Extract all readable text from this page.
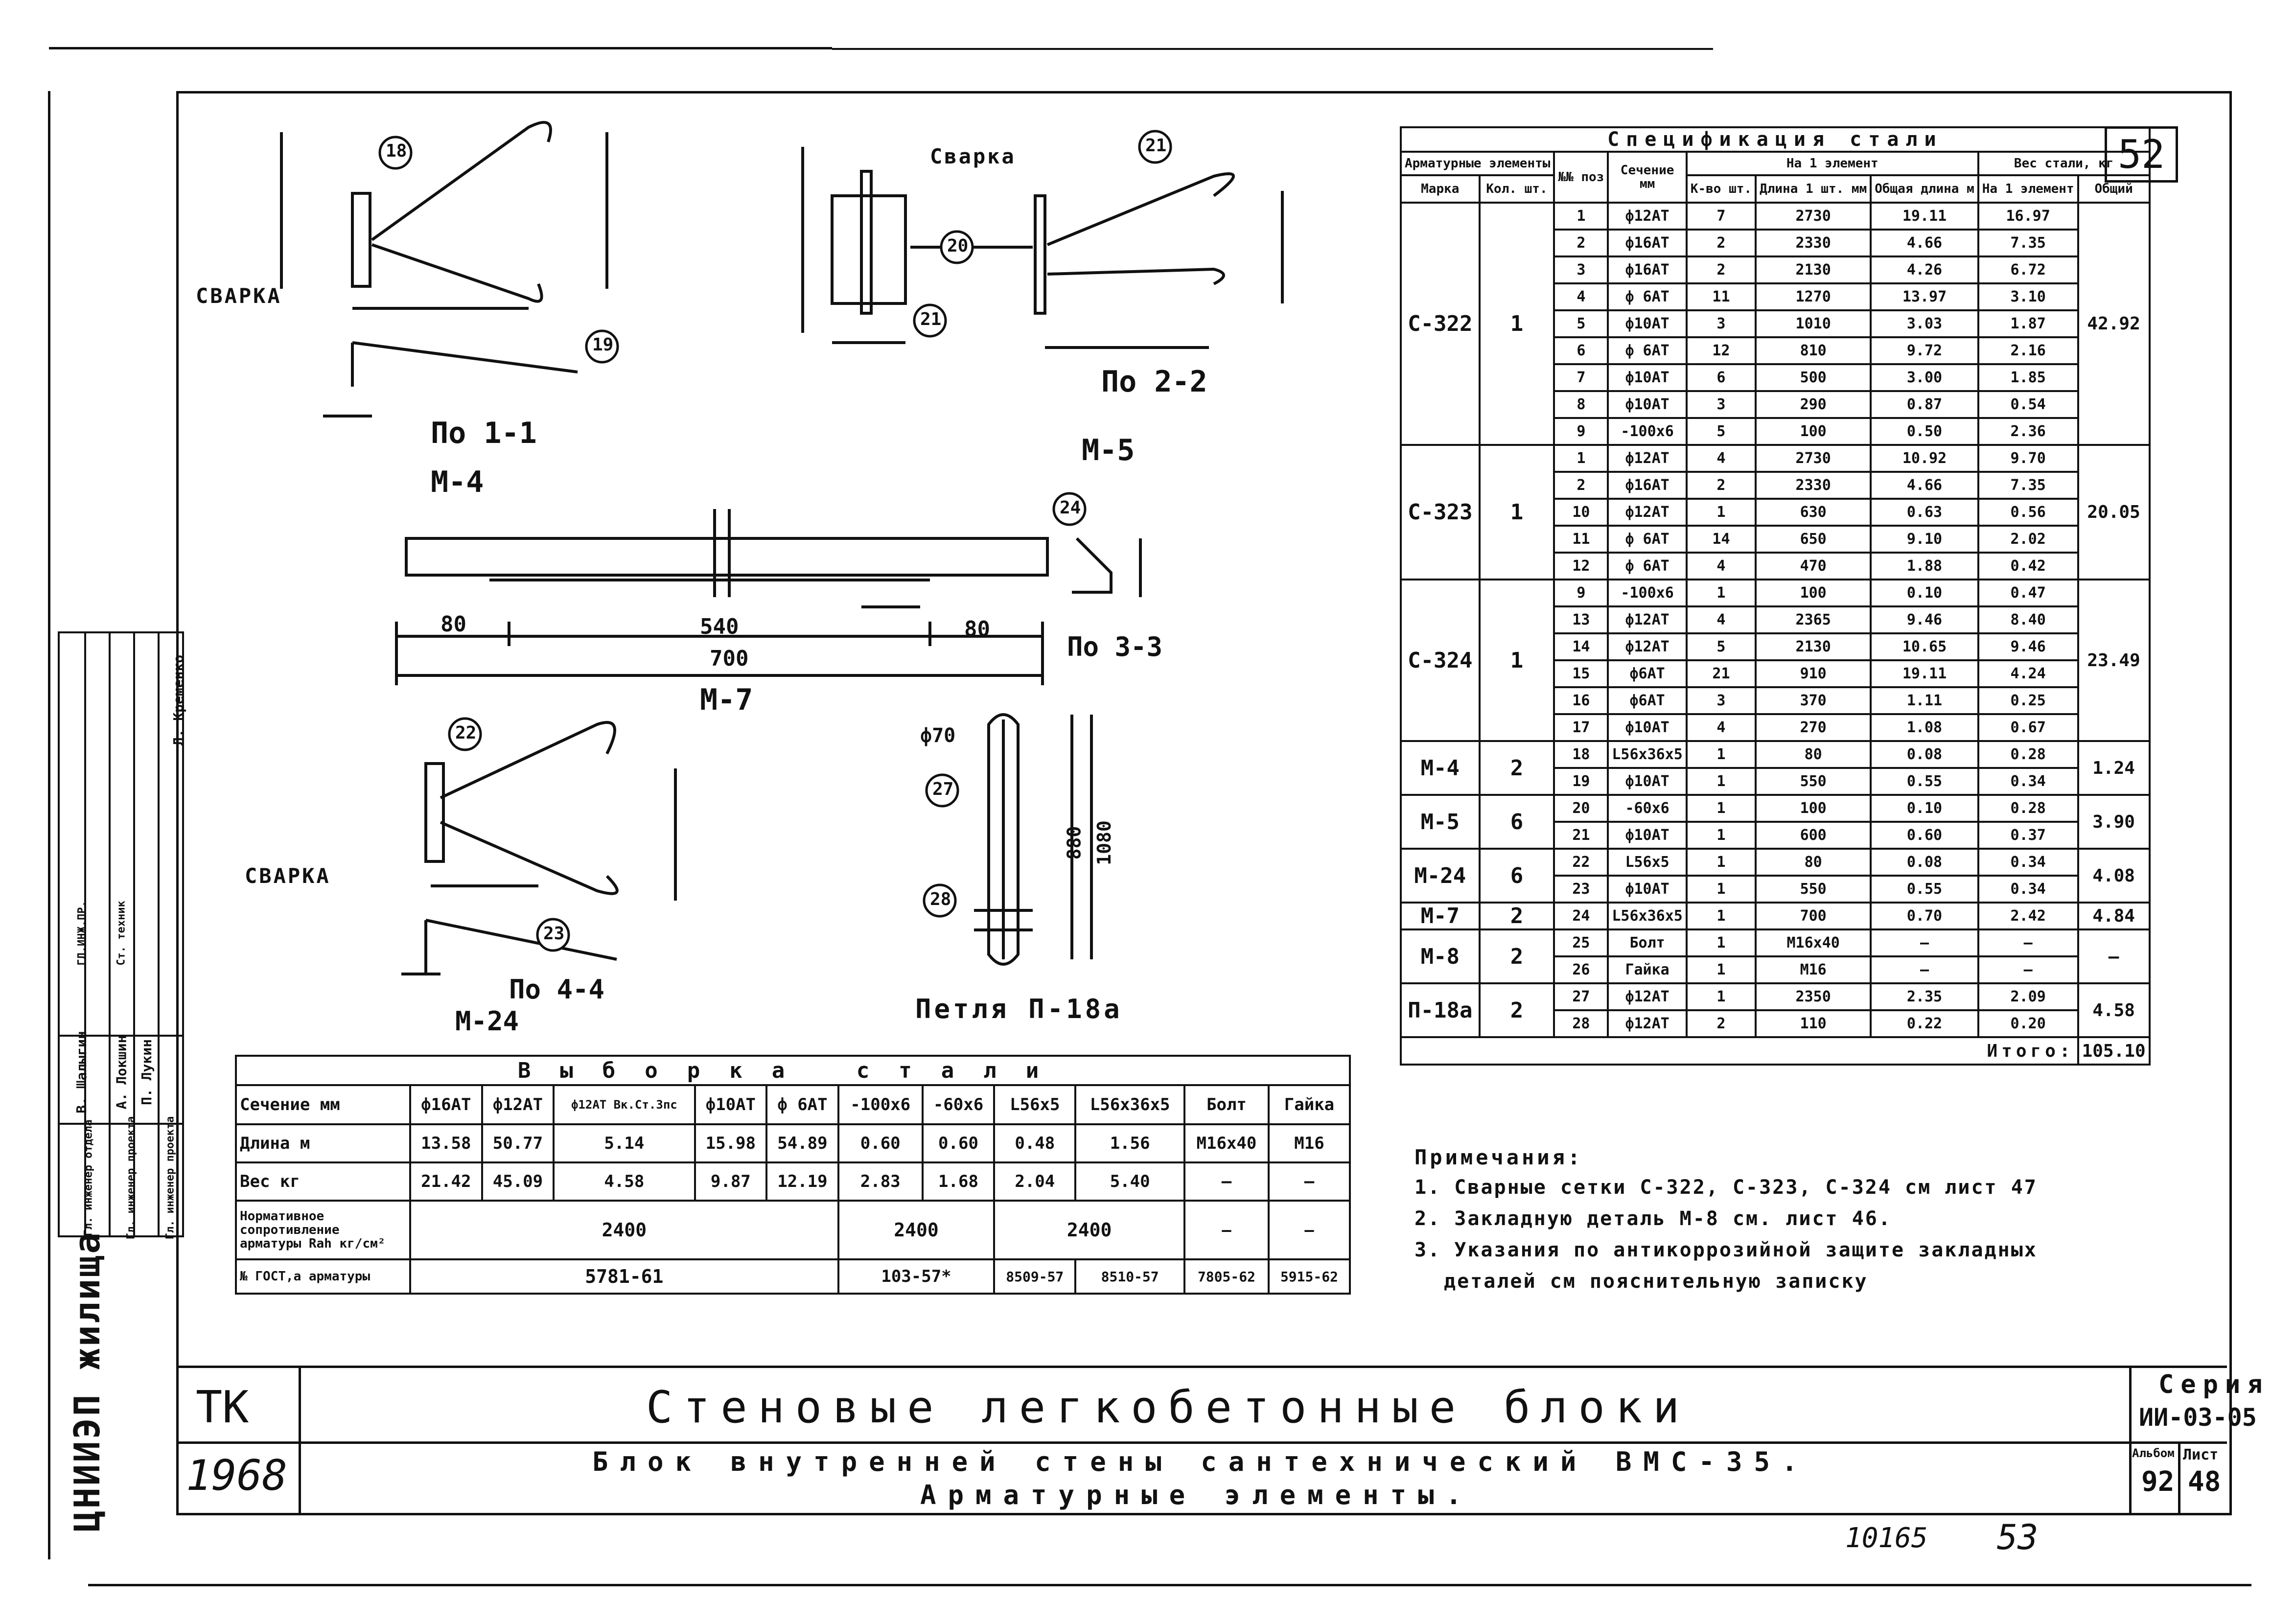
52
18
19
20
21
21
24
22
23
27
28
СВАРКА
По 1-1
М-4
Сварка
По 2-2
М-5
По 3-3
М-7
80	540	80
700
СВАРКА
По 4-4
М-24
ф70
Петля П-18а
880 1080
Спецификация стали								
Арматурные элементы		№№ поз	Сечение мм	На 1 элемент			Вес стали, кг	
Марка	Кол. шт.			К-во шт.	Длина 1 шт. мм	Общая длина м	На 1 элемент	Общий
С-322	1	1	ф12АТ	7	2730	19.11	16.97	42.92
		2	ф16АТ	2	2330	4.66	7.35	
		3	ф16АТ	2	2130	4.26	6.72	
		4	ф 6АТ	11	1270	13.97	3.10	
		5	ф10АТ	3	1010	3.03	1.87	
		6	ф 6АТ	12	810	9.72	2.16	
		7	ф10АТ	6	500	3.00	1.85	
		8	ф10АТ	3	290	0.87	0.54	
		9	-100х6	5	100	0.50	2.36	
С-323	1	1	ф12АТ	4	2730	10.92	9.70	20.05
		2	ф16АТ	2	2330	4.66	7.35	
		10	ф12АТ	1	630	0.63	0.56	
		11	ф 6АТ	14	650	9.10	2.02	
		12	ф 6АТ	4	470	1.88	0.42	
С-324	1	9	-100х6	1	100	0.10	0.47	23.49
		13	ф12АТ	4	2365	9.46	8.40	
		14	ф12АТ	5	2130	10.65	9.46	
		15	ф6АТ	21	910	19.11	4.24	
		16	ф6АТ	3	370	1.11	0.25	
		17	ф10АТ	4	270	1.08	0.67	
М-4	2	18	L56х36х5	1	80	0.08	0.28	1.24
		19	ф10АТ	1	550	0.55	0.34	
М-5	6	20	-60х6	1	100	0.10	0.28	3.90
		21	ф10АТ	1	600	0.60	0.37	
М-24	6	22	L56х5	1	80	0.08	0.34	4.08
		23	ф10АТ	1	550	0.55	0.34	
М-7	2	24	L56х36х5	1	700	0.70	2.42	4.84
М-8	2	25	Болт	1	М16х40	—	—	—
		26	Гайка	1	М16	—	—	
П-18а	2	27	ф12АТ	1	2350	2.35	2.09	4.58
		28	ф12АТ	2	110	0.22	0.20	
Итого:								105.10
Выборка стали											
Сечение мм	ф16АТ	ф12АТ	ф12АТ Вк.Ст.3пс	ф10АТ	ф 6АТ	-100х6	-60х6	L56х5	L56х36х5	Болт	Гайка
Длина м	13.58	50.77	5.14	15.98	54.89	0.60	0.60	0.48	1.56	М16х40	М16
Вес кг	21.42	45.09	4.58	9.87	12.19	2.83	1.68	2.04	5.40	—	—
Нормативное сопротивление арматуры Rаh кг/см²	2400					2400		2400		—	—
№ ГОСТ,а арматуры	5781-61					103-57*		8509-57	8510-57	7805-62	5915-62
Примечания:
1. Сварные сетки С-322, С-323, С-324 см лист 47
2. Закладную деталь М-8 см. лист 46.
3. Указания по антикоррозийной защите закладных
деталей см пояснительную записку
В. Шалыгин А. Локшин П. Лукин
Л. Кременко
Гл. инженер отдела	Гл. инженер проекта	Гл. инженер проекта
ГЛ.ИНЖ.ПР.	Ст. техник
ЦНИИЭП жилища ТК
1968
Стеновые легкобетонные блоки
Блок внутренней стены сантехнический ВМС-35.
Арматурные элементы.
Серия
ИИ-03-05
Альбом
92
Лист
48
10165 53
